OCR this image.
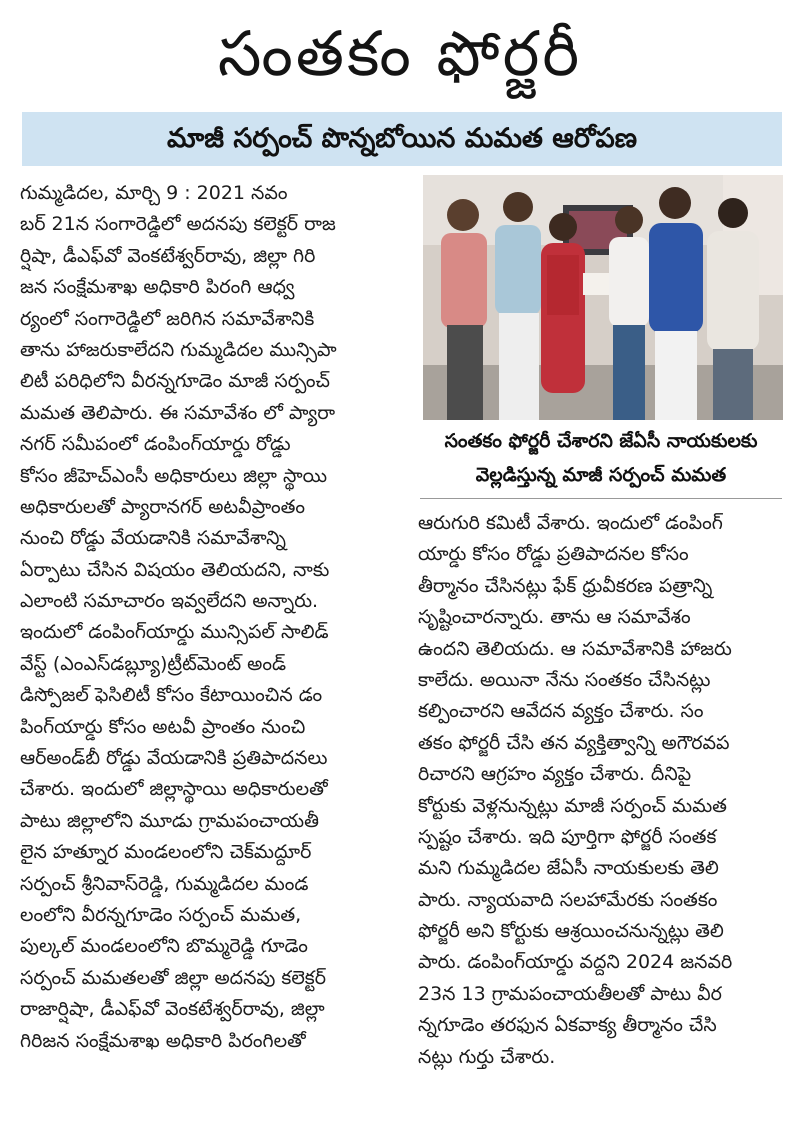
సంతకం ఫోర్జరీ
మాజీ సర్పంచ్ పొన్నబోయిన మమత ఆరోపణ
గుమ్మడిదల, మార్చి 9 : 2021 నవం
బర్ 21న సంగారెడ్డిలో అదనపు కలెక్టర్ రాజ
ర్షిషా, డీఎఫ్‌వో వెంకటేశ్వర్‌రావు, జిల్లా గిరి
జన సంక్షేమశాఖ అధికారి పిరంగి ఆధ్వ
ర్యంలో సంగారెడ్డిలో జరిగిన సమావేశానికి
తాను హాజరుకాలేదని గుమ్మడిదల మున్సిపా
లిటీ పరిధిలోని వీరన్నగూడెం మాజీ సర్పంచ్
మమత తెలిపారు. ఈ సమావేశం లో ప్యారా
నగర్ సమీపంలో డంపింగ్‌యార్డు రోడ్డు
కోసం జీహెచ్‌ఎంసీ అధికారులు జిల్లా స్థాయి
అధికారులతో ప్యారానగర్ అటవీప్రాంతం
నుంచి రోడ్డు వేయడానికి సమావేశాన్ని
ఏర్పాటు చేసిన విషయం తెలియదని, నాకు
ఎలాంటి సమాచారం ఇవ్వలేదని అన్నారు.
ఇందులో డంపింగ్‌యార్డు మున్సిపల్ సాలిడ్
వేస్ట్ (ఎంఎస్‌డబ్ల్యూ)ట్రీట్‌మెంట్ అండ్
డిస్పోజల్ ఫెసిలిటీ కోసం కేటాయించిన డం
పింగ్‌యార్డు కోసం అటవీ ప్రాంతం నుంచి
ఆర్‌అండ్‌బీ రోడ్డు వేయడానికి ప్రతిపాదనలు
చేశారు. ఇందులో జిల్లాస్థాయి అధికారులతో
పాటు జిల్లాలోని మూడు గ్రామపంచాయతీ
లైన హత్నూర మండలంలోని చెక్‌మద్దూర్
సర్పంచ్ శ్రీనివాస్‌రెడ్డి, గుమ్మడిదల మండ
లంలోని వీరన్నగూడెం సర్పంచ్ మమత,
పుల్కల్ మండలంలోని బొమ్మరెడ్డి గూడెం
సర్పంచ్ మమతలతో జిల్లా అదనపు కలెక్టర్
రాజార్షిషా, డీఎఫ్‌వో వెంకటేశ్వర్‌రావు, జిల్లా
గిరిజన సంక్షేమశాఖ అధికారి పిరంగిలతో
సంతకం ఫోర్జరీ చేశారని జేఏసీ నాయకులకు
వెల్లడిస్తున్న మాజీ సర్పంచ్ మమత
ఆరుగురి కమిటీ వేశారు. ఇందులో డంపింగ్
యార్డు కోసం రోడ్డు ప్రతిపాదనల కోసం
తీర్మానం చేసినట్లు ఫేక్ ధ్రువీకరణ పత్రాన్ని
సృష్టించారన్నారు. తాను ఆ సమావేశం
ఉందని తెలియదు. ఆ సమావేశానికి హాజరు
కాలేదు. అయినా నేను సంతకం చేసినట్లు
కల్పించారని ఆవేదన వ్యక్తం చేశారు. సం
తకం ఫోర్జరీ చేసి తన వ్యక్తిత్వాన్ని అగౌరవప
రిచారని ఆగ్రహం వ్యక్తం చేశారు. దీనిపై
కోర్టుకు వెళ్లనున్నట్లు మాజీ సర్పంచ్ మమత
స్పష్టం చేశారు. ఇది పూర్తిగా ఫోర్జరీ సంతక
మని గుమ్మడిదల జేఏసీ నాయకులకు తెలి
పారు. న్యాయవాది సలహామేరకు సంతకం
ఫోర్జరీ అని కోర్టుకు ఆశ్రయించనున్నట్లు తెలి
పారు. డంపింగ్‌యార్డు వద్దని 2024 జనవరి
23న 13 గ్రామపంచాయతీలతో పాటు వీర
న్నగూడెం తరఫున ఏకవాక్య తీర్మానం చేసి
నట్లు గుర్తు చేశారు.
